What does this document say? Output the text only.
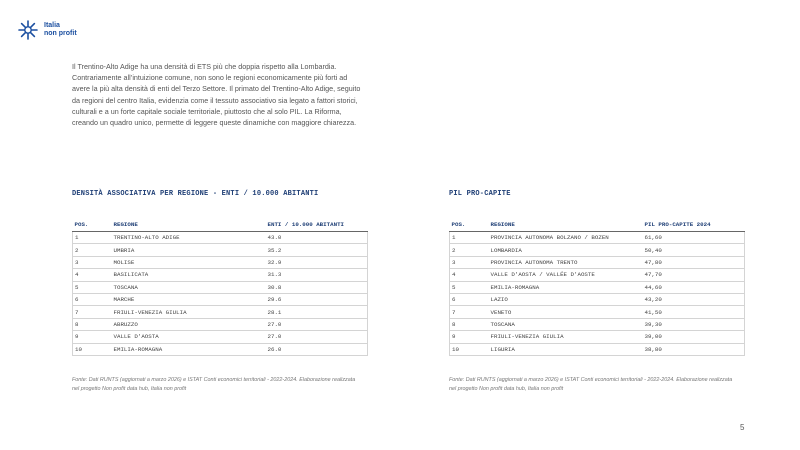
Italia
non profit

Il Trentino-Alto Adige ha una densità di ETS più che doppia rispetto alla Lombardia. Contrariamente all’intuizione comune, non sono le regioni economicamente più forti ad avere la più alta densità di enti del Terzo Settore. Il primato del Trentino-Alto Adige, seguito da regioni del centro Italia, evidenzia come il tessuto associativo sia legato a fattori storici, culturali e a un forte capitale sociale territoriale, piuttosto che al solo PIL. La Riforma, creando un quadro unico, permette di leggere queste dinamiche con maggiore chiarezza.

DENSITÀ ASSOCIATIVA PER REGIONE - ENTI / 10.000 ABITANTI
POS.	REGIONE	ENTI / 10.000 ABITANTI
1	TRENTINO-ALTO ADIGE	43.0
2	UMBRIA	35.2
3	MOLISE	32.9
4	BASILICATA	31.3
5	TOSCANA	30.8
6	MARCHE	29.6
7	FRIULI-VENEZIA GIULIA	28.1
8	ABRUZZO	27.0
9	VALLE D'AOSTA	27.0
10	EMILIA-ROMAGNA	26.0
PIL PRO-CAPITE
POS.	REGIONE	PIL PRO-CAPITE 2024
1	PROVINCIA AUTONOMA BOLZANO / BOZEN	61,60
2	LOMBARDIA	50,40
3	PROVINCIA AUTONOMA TRENTO	47,80
4	VALLE D'AOSTA / VALLÉE D'AOSTE	47,70
5	EMILIA-ROMAGNA	44,60
6	LAZIO	43,20
7	VENETO	41,50
8	TOSCANA	39,30
9	FRIULI-VENEZIA GIULIA	39,00
10	LIGURIA	38,80
Fonte: Dati RUNTS (aggiornati a marzo 2026) e ISTAT Conti economici territoriali - 2022-2024. Elaborazione realizzata nel progetto Non profit data hub, Italia non profit
Fonte: Dati RUNTS (aggiornati a marzo 2026) e ISTAT Conti economici territoriali - 2022-2024. Elaborazione realizzata nel progetto Non profit data hub, Italia non profit
5
